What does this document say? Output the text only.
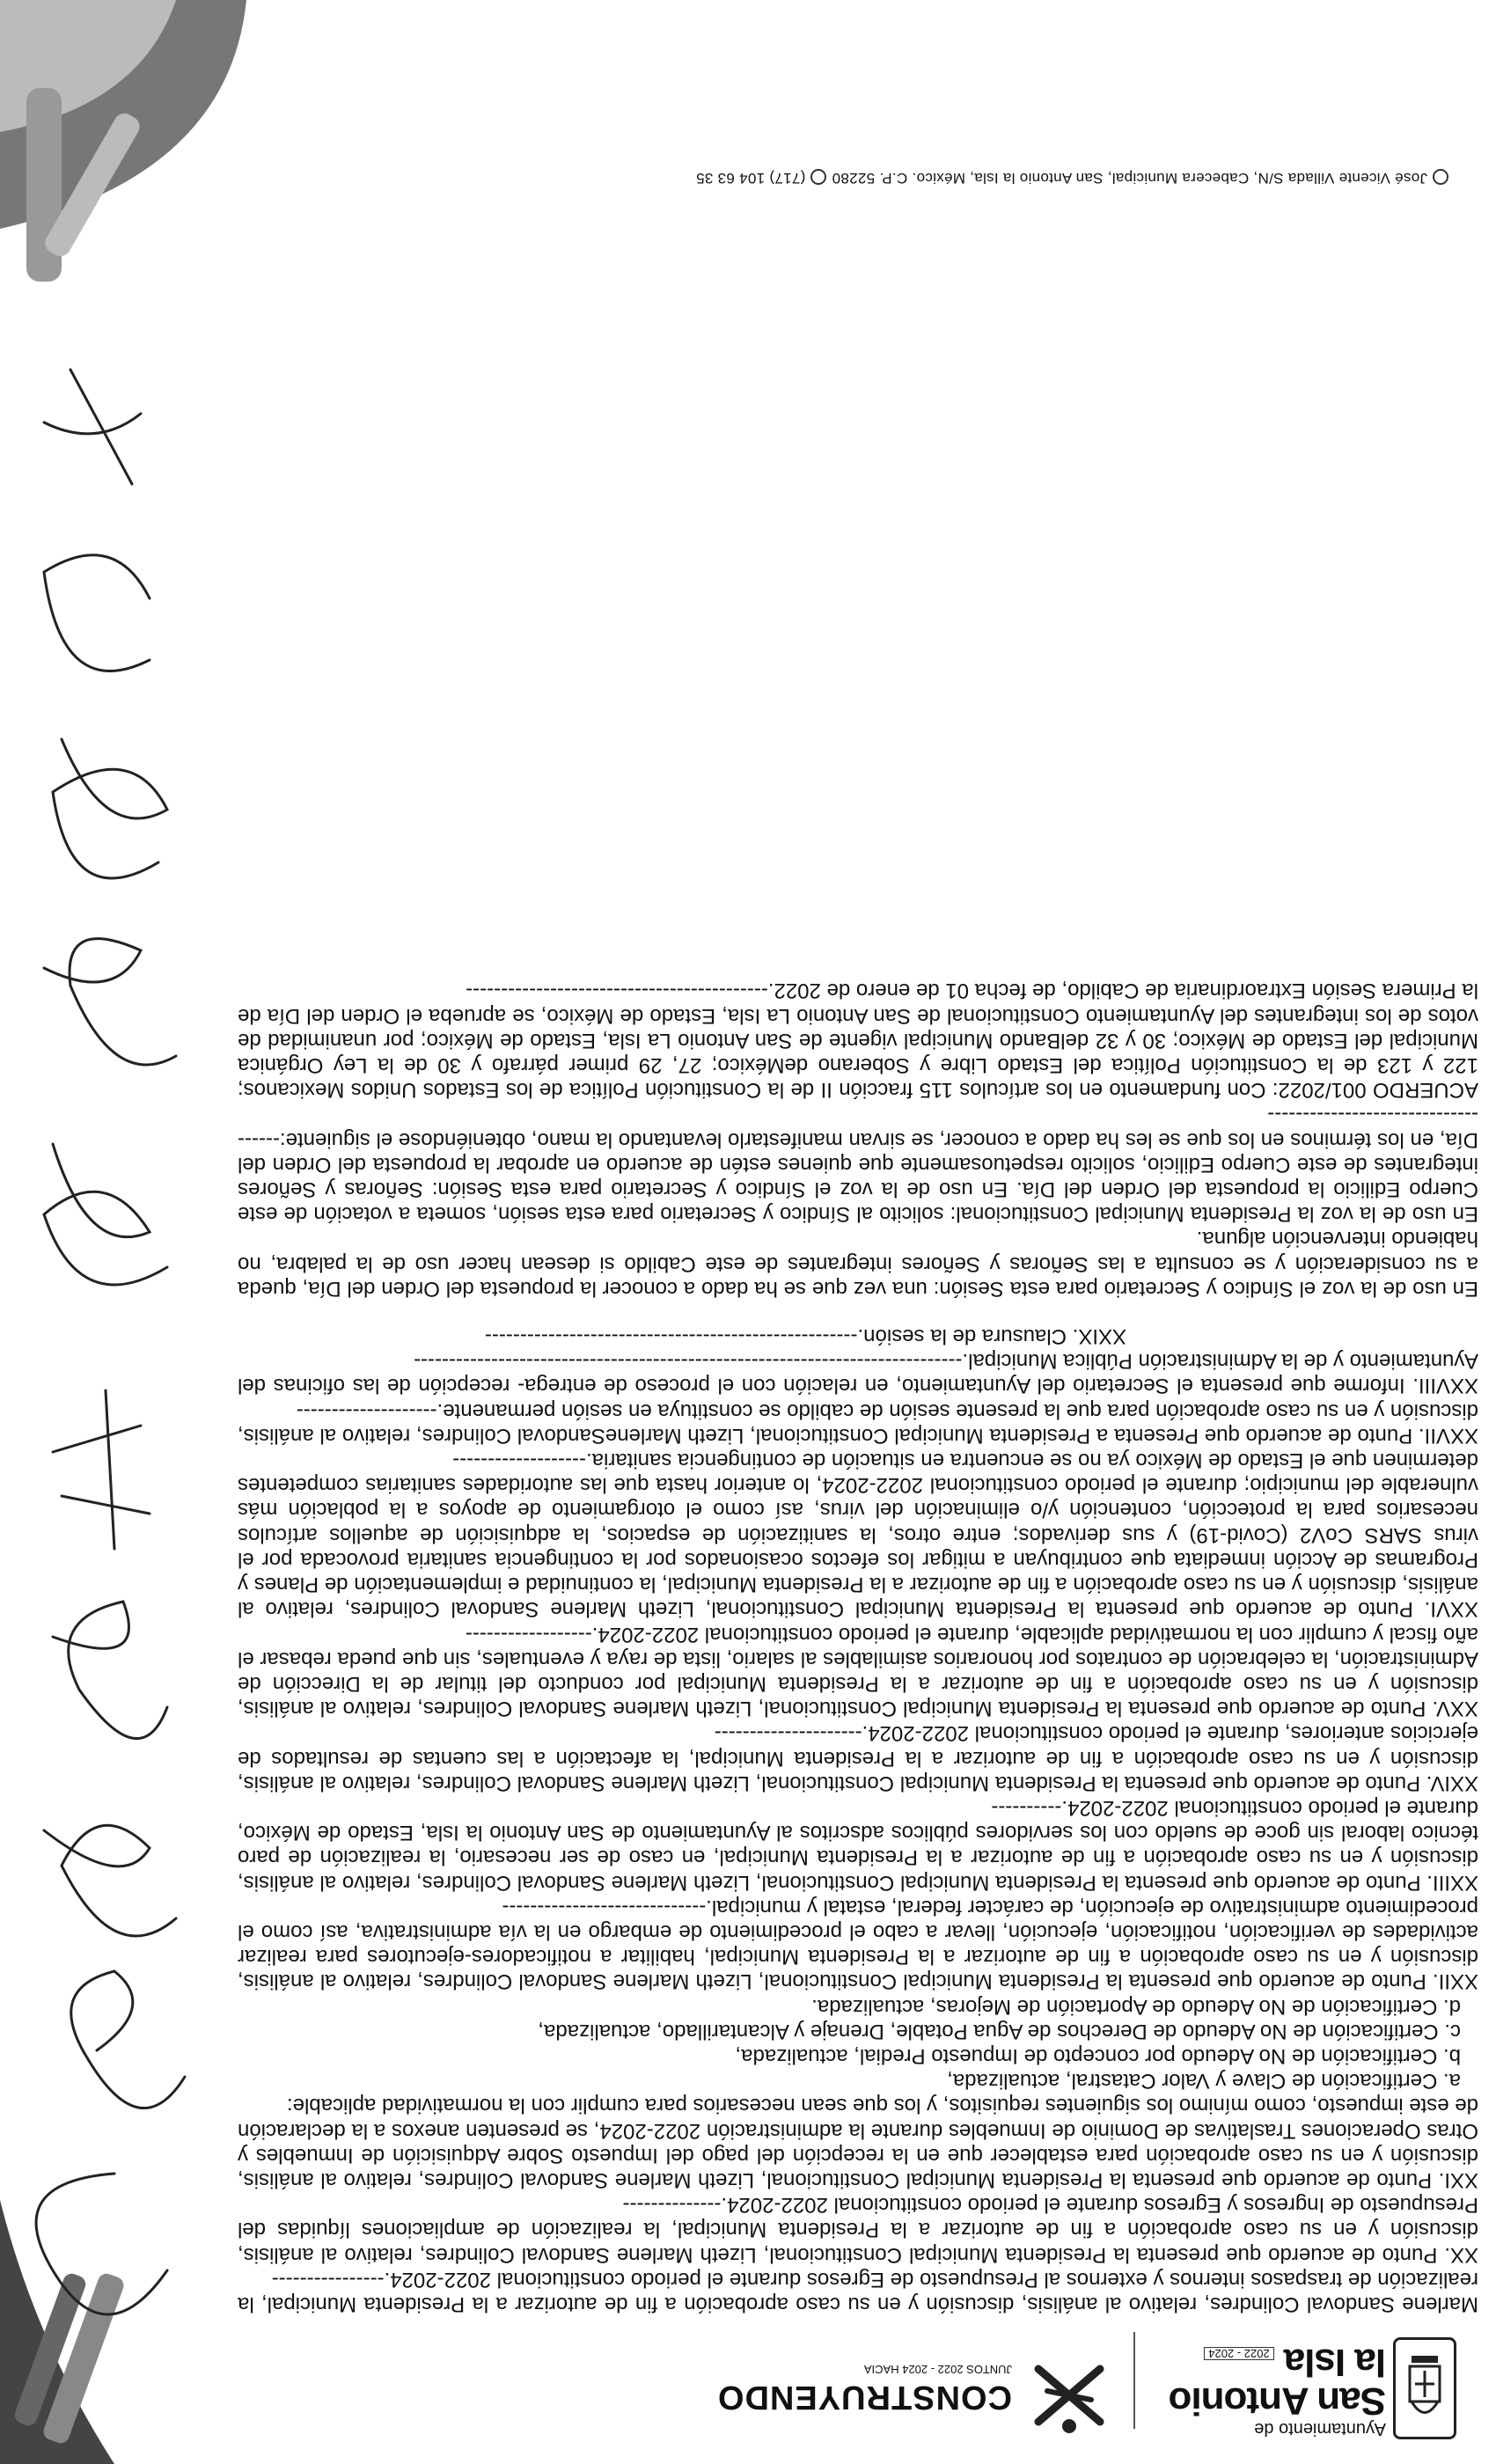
Ayuntamiento de
San Antonio
la Isla
2022 - 2024
CONSTRUYENDO
JUNTOS 2022 - 2024 HACIA

Marlene Sandoval Colindres, relativo al análisis, discusión y en su caso aprobación a fin de autorizar a la Presidenta Municipal, la realización de traspasos internos y externos al Presupuesto de Egresos durante el periodo constitucional 2022-2024.----------------

XX. Punto de acuerdo que presenta la Presidenta Municipal Constitucional, Lizeth Marlene Sandoval Colindres, relativo al análisis, discusión y en su caso aprobación a fin de autorizar a la Presidenta Municipal, la realización de ampliaciones líquidas del Presupuesto de Ingresos y Egresos durante el periodo constitucional 2022-2024.--------------

XXI. Punto de acuerdo que presenta la Presidenta Municipal Constitucional, Lizeth Marlene Sandoval Colindres, relativo al análisis, discusión y en su caso aprobación para establecer que en la recepción del pago del Impuesto Sobre Adquisición de Inmuebles y Otras Operaciones Traslativas de Dominio de Inmuebles durante la administración 2022-2024, se presenten anexos a la declaración de este impuesto, como mínimo los siguientes requisitos, y los que sean necesarios para cumplir con la normatividad aplicable:

a. Certificación de Clave y Valor Catastral, actualizada,

b. Certificación de No Adeudo por concepto de Impuesto Predial, actualizada,

c. Certificación de No Adeudo de Derechos de Agua Potable, Drenaje y Alcantarillado, actualizada,

d. Certificación de No Adeudo de Aportación de Mejoras, actualizada.

XXII. Punto de acuerdo que presenta la Presidenta Municipal Constitucional, Lizeth Marlene Sandoval Colindres, relativo al análisis, discusión y en su caso aprobación a fin de autorizar a la Presidenta Municipal, habilitar a notificadores-ejecutores para realizar actividades de verificación, notificación, ejecución, llevar a cabo el procedimiento de embargo en la vía administrativa, así como el procedimiento administrativo de ejecución, de carácter federal, estatal y municipal.-----------------------------

XXIII. Punto de acuerdo que presenta la Presidenta Municipal Constitucional, Lizeth Marlene Sandoval Colindres, relativo al análisis, discusión y en su caso aprobación a fin de autorizar a la Presidenta Municipal, en caso de ser necesario, la realización de paro técnico laboral sin goce de sueldo con los servidores públicos adscritos al Ayuntamiento de San Antonio la Isla, Estado de México, durante el periodo constitucional 2022-2024.----------

XXIV. Punto de acuerdo que presenta la Presidenta Municipal Constitucional, Lizeth Marlene Sandoval Colindres, relativo al análisis, discusión y en su caso aprobación a fin de autorizar a la Presidenta Municipal, la afectación a las cuentas de resultados de ejercicios anteriores, durante el periodo constitucional 2022-2024.---------------------

XXV. Punto de acuerdo que presenta la Presidenta Municipal Constitucional, Lizeth Marlene Sandoval Colindres, relativo al análisis, discusión y en su caso aprobación a fin de autorizar a la Presidenta Municipal por conducto del titular de la Dirección de Administración, la celebración de contratos por honorarios asimilables al salario, lista de raya y eventuales, sin que pueda rebasar el año fiscal y cumplir con la normatividad aplicable, durante el periodo constitucional 2022-2024.------------------

XXVI. Punto de acuerdo que presenta la Presidenta Municipal Constitucional, Lizeth Marlene Sandoval Colindres, relativo al análisis, discusión y en su caso aprobación a fin de autorizar a la Presidenta Municipal, la continuidad e implementación de Planes y Programas de Acción inmediata que contribuyan a mitigar los efectos ocasionados por la contingencia sanitaria provocada por el virus SARS CoV2 (Covid-19) y sus derivados; entre otros, la sanitización de espacios, la adquisición de aquellos artículos necesarios para la protección, contención y/o eliminación del virus, así como el otorgamiento de apoyos a la población más vulnerable del municipio; durante el periodo constitucional 2022-2024, lo anterior hasta que las autoridades sanitarias competentes determinen que el Estado de México ya no se encuentra en situación de contingencia sanitaria.-------------------

XXVII. Punto de acuerdo que Presenta a Presidenta Municipal Constitucional, Lizeth MarleneSandoval Colindres, relativo al análisis, discusión y en su caso aprobación para que la presente sesión de cabildo se constituya en sesión permanente.--------------------

XXVIII. Informe que presenta el Secretario del Ayuntamiento, en relación con el proceso de entrega- recepción de las oficinas del Ayuntamiento y de la Administración Pública Municipal.------------------------------------------------------------------------------

XXIX. Clausura de la sesión.-----------------------------------------------------

En uso de la voz el Síndico y Secretario para esta Sesión: una vez que se ha dado a conocer la propuesta del Orden del Día, queda a su consideración y se consulta a las Señoras y Señores integrantes de este Cabildo si desean hacer uso de la palabra, no habiendo intervención alguna.

En uso de la voz la Presidenta Municipal Constitucional: solicito al Síndico y Secretario para esta sesión, someta a votación de este Cuerpo Edilicio la propuesta del Orden del Día. En uso de la voz el Síndico y Secretario para esta Sesión: Señoras y Señores integrantes de este Cuerpo Edilicio, solicito respetuosamente que quienes estén de acuerdo en aprobar la propuesta del Orden del Día, en los términos en los que se les ha dado a conocer, se sirvan manifestarlo levantando la mano, obteniéndose el siguiente:------------------------------------

ACUERDO 001/2022: Con fundamento en los artículos 115 fracción II de la Constitución Política de los Estados Unidos Mexicanos; 122 y 123 de la Constitución Política del Estado Libre y Soberano deMéxico; 27, 29 primer párrafo y 30 de la Ley Orgánica Municipal del Estado de México; 30 y 32 delBando Municipal vigente de San Antonio La Isla, Estado de México; por unanimidad de votos de los integrantes del Ayuntamiento Constitucional de San Antonio La Isla, Estado de México, se aprueba el Orden del Día de la Primera Sesión Extraordinaria de Cabildo, de fecha 01 de enero de 2022.-------------------------------------------

José Vicente Villada S/N, Cabecera Municipal, San Antonio la Isla, México. C.P. 52280(717) 104 63 35
